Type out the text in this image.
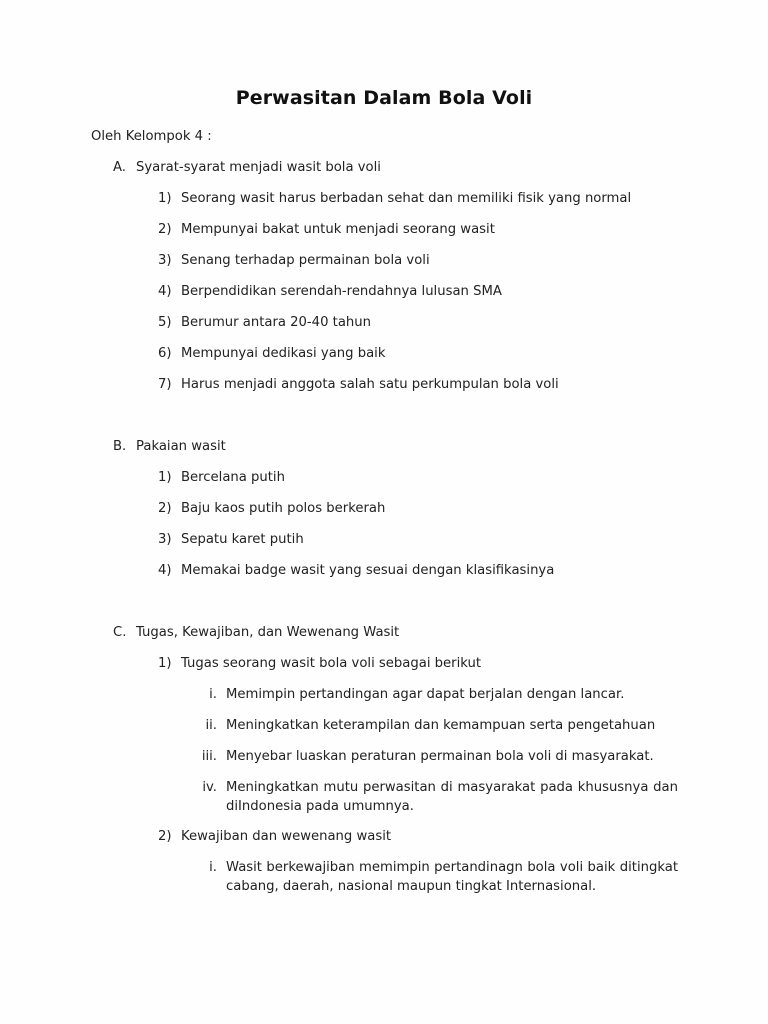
Perwasitan Dalam Bola Voli
Oleh Kelompok 4 :
A. Syarat-syarat menjadi wasit bola voli
1) Seorang wasit harus berbadan sehat dan memiliki fisik yang normal
2) Mempunyai bakat untuk menjadi seorang wasit
3) Senang terhadap permainan bola voli
4) Berpendidikan serendah-rendahnya lulusan SMA
5) Berumur antara 20-40 tahun
6) Mempunyai dedikasi yang baik
7) Harus menjadi anggota salah satu perkumpulan bola voli
B. Pakaian wasit
1) Bercelana putih
2) Baju kaos putih polos berkerah
3) Sepatu karet putih
4) Memakai badge wasit yang sesuai dengan klasifikasinya
C. Tugas, Kewajiban, dan Wewenang Wasit
1) Tugas seorang wasit bola voli sebagai berikut
i. Memimpin pertandingan agar dapat berjalan dengan lancar.
ii. Meningkatkan keterampilan dan kemampuan serta pengetahuan
iii. Menyebar luaskan peraturan permainan bola voli di masyarakat.
iv. Meningkatkan mutu perwasitan di masyarakat pada khususnya dan diIndonesia pada umumnya.
2) Kewajiban dan wewenang wasit
i. Wasit berkewajiban memimpin pertandinagn bola voli baik ditingkat cabang, daerah, nasional maupun tingkat Internasional.
